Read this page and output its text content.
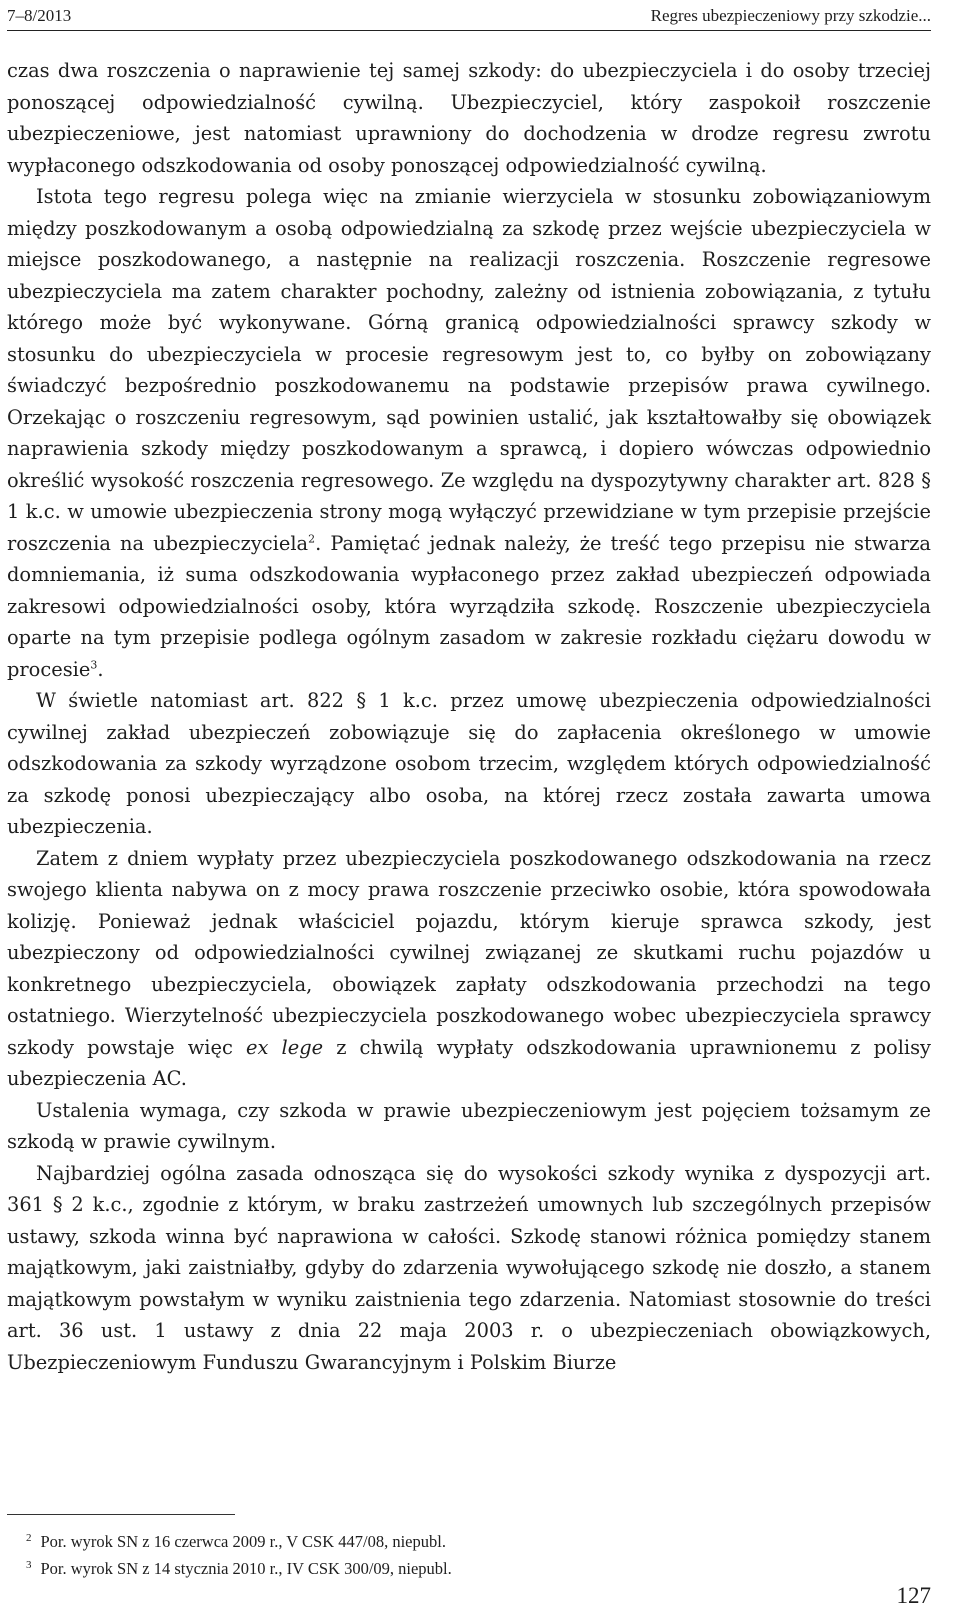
7–8/2013	Regres ubezpieczeniowy przy szkodzie...

czas dwa roszczenia o naprawienie tej samej szkody: do ubezpieczyciela i do osoby trzeciej ponoszącej odpowiedzialność cywilną. Ubezpieczyciel, który zaspokoił roszczenie ubezpieczeniowe, jest natomiast uprawniony do dochodzenia w drodze regresu zwrotu wypłaconego odszkodowania od osoby ponoszącej odpowiedzialność cywilną.

Istota tego regresu polega więc na zmianie wierzyciela w stosunku zobowiązaniowym między poszkodowanym a osobą odpowiedzialną za szkodę przez wejście ubezpieczyciela w miejsce poszkodowanego, a następnie na realizacji roszczenia. Roszczenie regresowe ubezpieczyciela ma zatem charakter pochodny, zależny od istnienia zobowiązania, z tytułu którego może być wykonywane. Górną granicą odpowiedzialności sprawcy szkody w stosunku do ubezpieczyciela w procesie regresowym jest to, co byłby on zobowiązany świadczyć bezpośrednio poszkodowanemu na podstawie przepisów prawa cywilnego. Orzekając o roszczeniu regresowym, sąd powinien ustalić, jak kształtowałby się obowiązek naprawienia szkody między poszkodowanym a sprawcą, i dopiero wówczas odpowiednio określić wysokość roszczenia regresowego. Ze względu na dyspozytywny charakter art. 828 § 1 k.c. w umowie ubezpieczenia strony mogą wyłączyć przewidziane w tym przepisie przejście roszczenia na ubezpieczyciela$^2$. Pamiętać jednak należy, że treść tego przepisu nie stwarza domniemania, iż suma odszkodowania wypłaconego przez zakład ubezpieczeń odpowiada zakresowi odpowiedzialności osoby, która wyrządziła szkodę. Roszczenie ubezpieczyciela oparte na tym przepisie podlega ogólnym zasadom w zakresie rozkładu ciężaru dowodu w procesie$^3$.

W świetle natomiast art. 822 § 1 k.c. przez umowę ubezpieczenia odpowiedzialności cywilnej zakład ubezpieczeń zobowiązuje się do zapłacenia określonego w umowie odszkodowania za szkody wyrządzone osobom trzecim, względem których odpowiedzialność za szkodę ponosi ubezpieczający albo osoba, na której rzecz została zawarta umowa ubezpieczenia.

Zatem z dniem wypłaty przez ubezpieczyciela poszkodowanego odszkodowania na rzecz swojego klienta nabywa on z mocy prawa roszczenie przeciwko osobie, która spowodowała kolizję. Ponieważ jednak właściciel pojazdu, którym kieruje sprawca szkody, jest ubezpieczony od odpowiedzialności cywilnej związanej ze skutkami ruchu pojazdów u konkretnego ubezpieczyciela, obowiązek zapłaty odszkodowania przechodzi na tego ostatniego. Wierzytelność ubezpieczyciela poszkodowanego wobec ubezpieczyciela sprawcy szkody powstaje więc ex lege z chwilą wypłaty odszkodowania uprawnionemu z polisy ubezpieczenia AC.

Ustalenia wymaga, czy szkoda w prawie ubezpieczeniowym jest pojęciem tożsamym ze szkodą w prawie cywilnym.

Najbardziej ogólna zasada odnosząca się do wysokości szkody wynika z dyspozycji art. 361 § 2 k.c., zgodnie z którym, w braku zastrzeżeń umownych lub szczególnych przepisów ustawy, szkoda winna być naprawiona w całości. Szkodę stanowi różnica pomiędzy stanem majątkowym, jaki zaistniałby, gdyby do zdarzenia wywołującego szkodę nie doszło, a stanem majątkowym powstałym w wyniku zaistnienia tego zdarzenia. Natomiast stosownie do treści art. 36 ust. 1 ustawy z dnia 22 maja 2003 r. o ubezpieczeniach obowiązkowych, Ubezpieczeniowym Funduszu Gwarancyjnym i Polskim Biurze

$^2$ Por. wyrok SN z 16 czerwca 2009 r., V CSK 447/08, niepubl.

$^3$ Por. wyrok SN z 14 stycznia 2010 r., IV CSK 300/09, niepubl.

127
